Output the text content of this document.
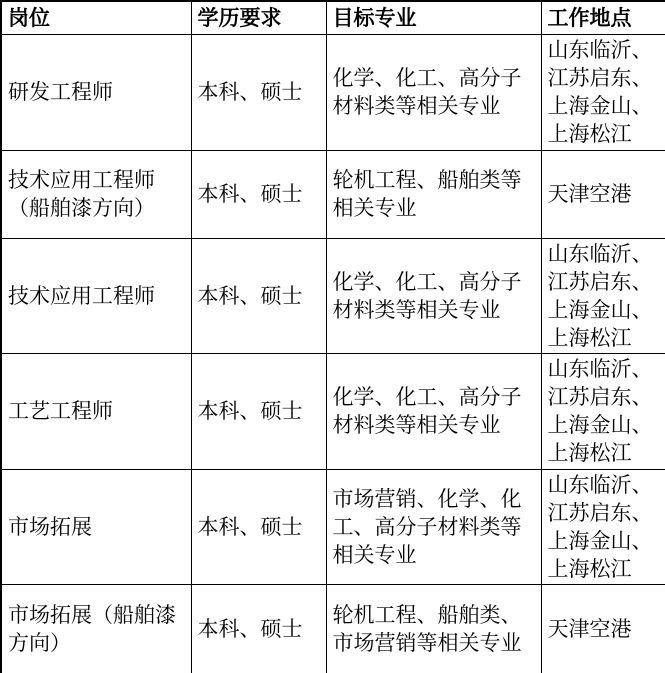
岗位	学历要求	目标专业	工作地点
研发工程师	本科、硕士	化学、化工、高分子材料类等相关专业	山东临沂、江苏启东、上海金山、上海松江
技术应用工程师（船舶漆方向）	本科、硕士	轮机工程、船舶类等相关专业	天津空港
技术应用工程师	本科、硕士	化学、化工、高分子材料类等相关专业	山东临沂、江苏启东、上海金山、上海松江
工艺工程师	本科、硕士	化学、化工、高分子材料类等相关专业	山东临沂、江苏启东、上海金山、上海松江
市场拓展	本科、硕士	市场营销、化学、化工、高分子材料类等相关专业	山东临沂、江苏启东、上海金山、上海松江
市场拓展（船舶漆方向）	本科、硕士	轮机工程、船舶类、市场营销等相关专业	天津空港
